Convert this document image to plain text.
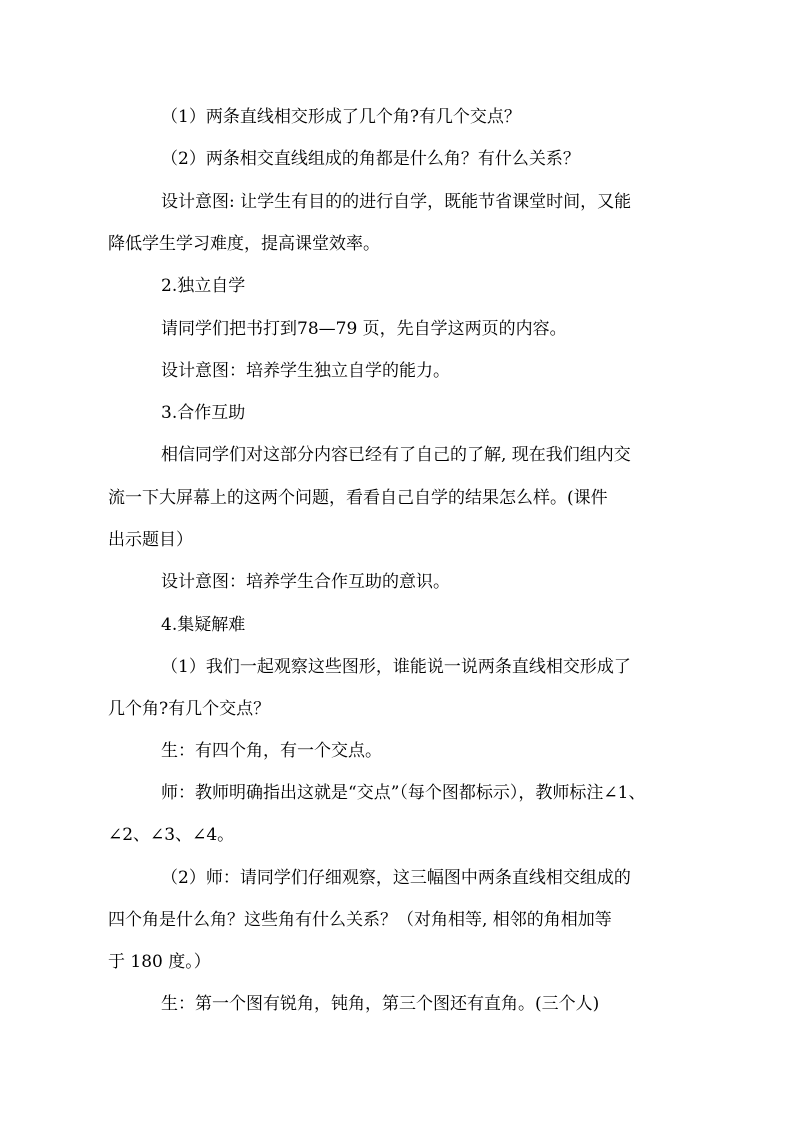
（1）两条直线相交形成了几个角?有几个交点？
（2）两条相交直线组成的角都是什么角？有什么关系？
设计意图: 让学生有目的的进行自学，既能节省课堂时间，又能
降低学生学习难度，提高课堂效率。
2.独立自学
请同学们把书打到78—79 页，先自学这两页的内容。
设计意图：培养学生独立自学的能力。
3.合作互助
相信同学们对这部分内容已经有了自己的了解, 现在我们组内交
流一下大屏幕上的这两个问题，看看自己自学的结果怎么样。(课件
出示题目）
设计意图：培养学生合作互助的意识。
4.集疑解难
（1）我们一起观察这些图形，谁能说一说两条直线相交形成了
几个角?有几个交点？
生：有四个角，有一个交点。
师：教师明确指出这就是“交点”（每个图都标示），教师标注∠1、
∠2、∠3、∠4。
（2）师：请同学们仔细观察，这三幅图中两条直线相交组成的
四个角是什么角？这些角有什么关系？（对角相等, 相邻的角相加等
于 180 度。）
生：第一个图有锐角，钝角，第三个图还有直角。(三个人)
